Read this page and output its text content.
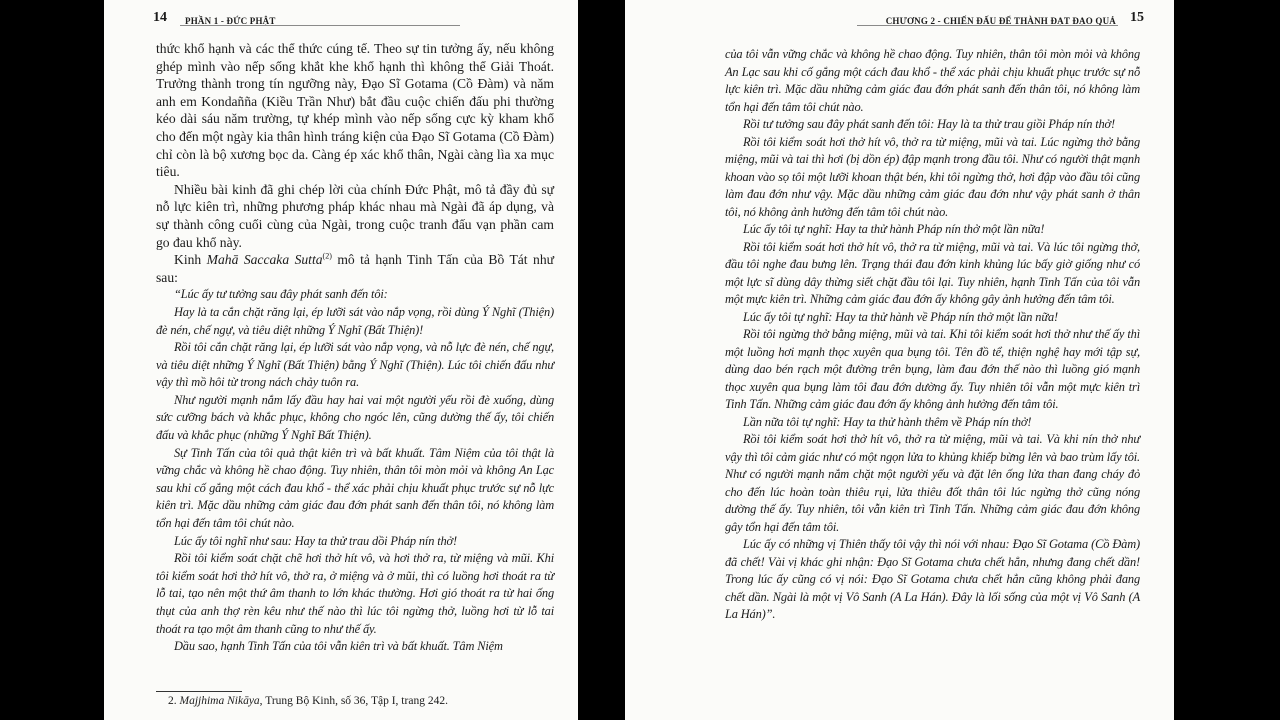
14 PHẦN 1 - ĐỨC PHẬT

thức khổ hạnh và các thể thức cúng tế. Theo sự tin tưởng ấy, nếu không ghép mình vào nếp sống khắt khe khổ hạnh thì không thể Giải Thoát. Trưởng thành trong tín ngưỡng này, Đạo Sĩ Gotama (Cồ Đàm) và năm anh em Kondañña (Kiều Trần Như) bắt đầu cuộc chiến đấu phi thường kéo dài sáu năm trường, tự khép mình vào nếp sống cực kỳ kham khổ cho đến một ngày kia thân hình tráng kiện của Đạo Sĩ Gotama (Cồ Đàm) chỉ còn là bộ xương bọc da. Càng ép xác khổ thân, Ngài càng lìa xa mục tiêu.

Nhiều bài kinh đã ghi chép lời của chính Đức Phật, mô tả đầy đủ sự nỗ lực kiên trì, những phương pháp khác nhau mà Ngài đã áp dụng, và sự thành công cuối cùng của Ngài, trong cuộc tranh đấu vạn phần cam go đau khổ này.

Kinh Mahā Saccaka Sutta$^{(2)}$ mô tả hạnh Tinh Tấn của Bồ Tát như sau:

“Lúc ấy tư tưởng sau đây phát sanh đến tôi:

Hay là ta cắn chặt răng lại, ép lưỡi sát vào nắp vọng, rồi dùng Ý Nghĩ (Thiện) đè nén, chế ngự, và tiêu diệt những Ý Nghĩ (Bất Thiện)!

Rồi tôi cắn chặt răng lại, ép lưỡi sát vào nắp vọng, và nỗ lực đè nén, chế ngự, và tiêu diệt những Ý Nghĩ (Bất Thiện) bằng Ý Nghĩ (Thiện). Lúc tôi chiến đấu như vậy thì mồ hôi từ trong nách chảy tuôn ra.

Như người mạnh nắm lấy đầu hay hai vai một người yếu rồi đè xuống, dùng sức cưỡng bách và khắc phục, không cho ngóc lên, cũng dường thế ấy, tôi chiến đấu và khắc phục (những Ý Nghĩ Bất Thiện).

Sự Tinh Tấn của tôi quả thật kiên trì và bất khuất. Tâm Niệm của tôi thật là vững chắc và không hề chao động. Tuy nhiên, thân tôi mòn mỏi và không An Lạc sau khi cố gắng một cách đau khổ - thể xác phải chịu khuất phục trước sự nỗ lực kiên trì. Mặc dầu những cảm giác đau đớn phát sanh đến thân tôi, nó không làm tổn hại đến tâm tôi chút nào.

Lúc ấy tôi nghĩ như sau: Hay ta thử trau dồi Pháp nín thở!

Rồi tôi kiểm soát chặt chẽ hơi thở hít vô, và hơi thở ra, từ miệng và mũi. Khi tôi kiểm soát hơi thở hít vô, thở ra, ở miệng và ở mũi, thì có luồng hơi thoát ra từ lỗ tai, tạo nên một thứ âm thanh to lớn khác thường. Hơi gió thoát ra từ hai ống thụt của anh thợ rèn kêu như thế nào thì lúc tôi ngừng thở, luồng hơi từ lỗ tai thoát ra tạo một âm thanh cũng to như thế ấy.

Dầu sao, hạnh Tinh Tấn của tôi vẫn kiên trì và bất khuất. Tâm Niệm

2. Majjhima Nikāya, Trung Bộ Kinh, số 36, Tập I, trang 242.
CHƯƠNG 2 - CHIẾN ĐẤU ĐỂ THÀNH ĐẠT ĐẠO QUẢ 15

của tôi vẫn vững chắc và không hề chao động. Tuy nhiên, thân tôi mòn mỏi và không An Lạc sau khi cố gắng một cách đau khổ - thể xác phải chịu khuất phục trước sự nỗ lực kiên trì. Mặc dầu những cảm giác đau đớn phát sanh đến thân tôi, nó không làm tổn hại đến tâm tôi chút nào.

Rồi tư tưởng sau đây phát sanh đến tôi: Hay là ta thử trau giồi Pháp nín thở!

Rồi tôi kiểm soát hơi thở hít vô, thở ra từ miệng, mũi và tai. Lúc ngừng thở bằng miệng, mũi và tai thì hơi (bị dồn ép) đập mạnh trong đầu tôi. Như có người thật mạnh khoan vào sọ tôi một lưỡi khoan thật bén, khi tôi ngừng thở, hơi đập vào đầu tôi cũng làm đau đớn như vậy. Mặc dầu những cảm giác đau đớn như vậy phát sanh ở thân tôi, nó không ảnh hưởng đến tâm tôi chút nào.

Lúc ấy tôi tự nghĩ: Hay ta thử hành Pháp nín thở một lần nữa!

Rồi tôi kiểm soát hơi thở hít vô, thở ra từ miệng, mũi và tai. Và lúc tôi ngừng thở, đầu tôi nghe đau bưng lên. Trạng thái đau đớn kinh khủng lúc bấy giờ giống như có một lực sĩ dùng dây thừng siết chặt đầu tôi lại. Tuy nhiên, hạnh Tinh Tấn của tôi vẫn một mực kiên trì. Những cảm giác đau đớn ấy không gây ảnh hưởng đến tâm tôi.

Lúc ấy tôi tự nghĩ: Hay ta thử hành về Pháp nín thở một lần nữa!

Rồi tôi ngừng thở bằng miệng, mũi và tai. Khi tôi kiểm soát hơi thở như thế ấy thì một luồng hơi mạnh thọc xuyên qua bụng tôi. Tên đồ tể, thiện nghệ hay mới tập sự, dùng dao bén rạch một đường trên bụng, làm đau đớn thế nào thì luồng gió mạnh thọc xuyên qua bụng làm tôi đau đớn dường ấy. Tuy nhiên tôi vẫn một mực kiên trì Tinh Tấn. Những cảm giác đau đớn ấy không ảnh hưởng đến tâm tôi.

Lần nữa tôi tự nghĩ: Hay ta thử hành thêm về Pháp nín thở!

Rồi tôi kiểm soát hơi thở hít vô, thở ra từ miệng, mũi và tai. Và khi nín thở như vậy thì tôi cảm giác như có một ngọn lửa to khủng khiếp bừng lên và bao trùm lấy tôi. Như có người mạnh nắm chặt một người yếu và đặt lên ống lửa than đang cháy đỏ cho đến lúc hoàn toàn thiêu rụi, lửa thiêu đốt thân tôi lúc ngừng thở cũng nóng dường thế ấy. Tuy nhiên, tôi vẫn kiên trì Tinh Tấn. Những cảm giác đau đớn không gây tổn hại đến tâm tôi.

Lúc ấy có những vị Thiên thấy tôi vậy thì nói với nhau: Đạo Sĩ Gotama (Cồ Đàm) đã chết! Vài vị khác ghi nhận: Đạo Sĩ Gotama chưa chết hẳn, nhưng đang chết dần! Trong lúc ấy cũng có vị nói: Đạo Sĩ Gotama chưa chết hẳn cũng không phải đang chết dần. Ngài là một vị Vô Sanh (A La Hán). Đây là lối sống của một vị Vô Sanh (A La Hán)”.
